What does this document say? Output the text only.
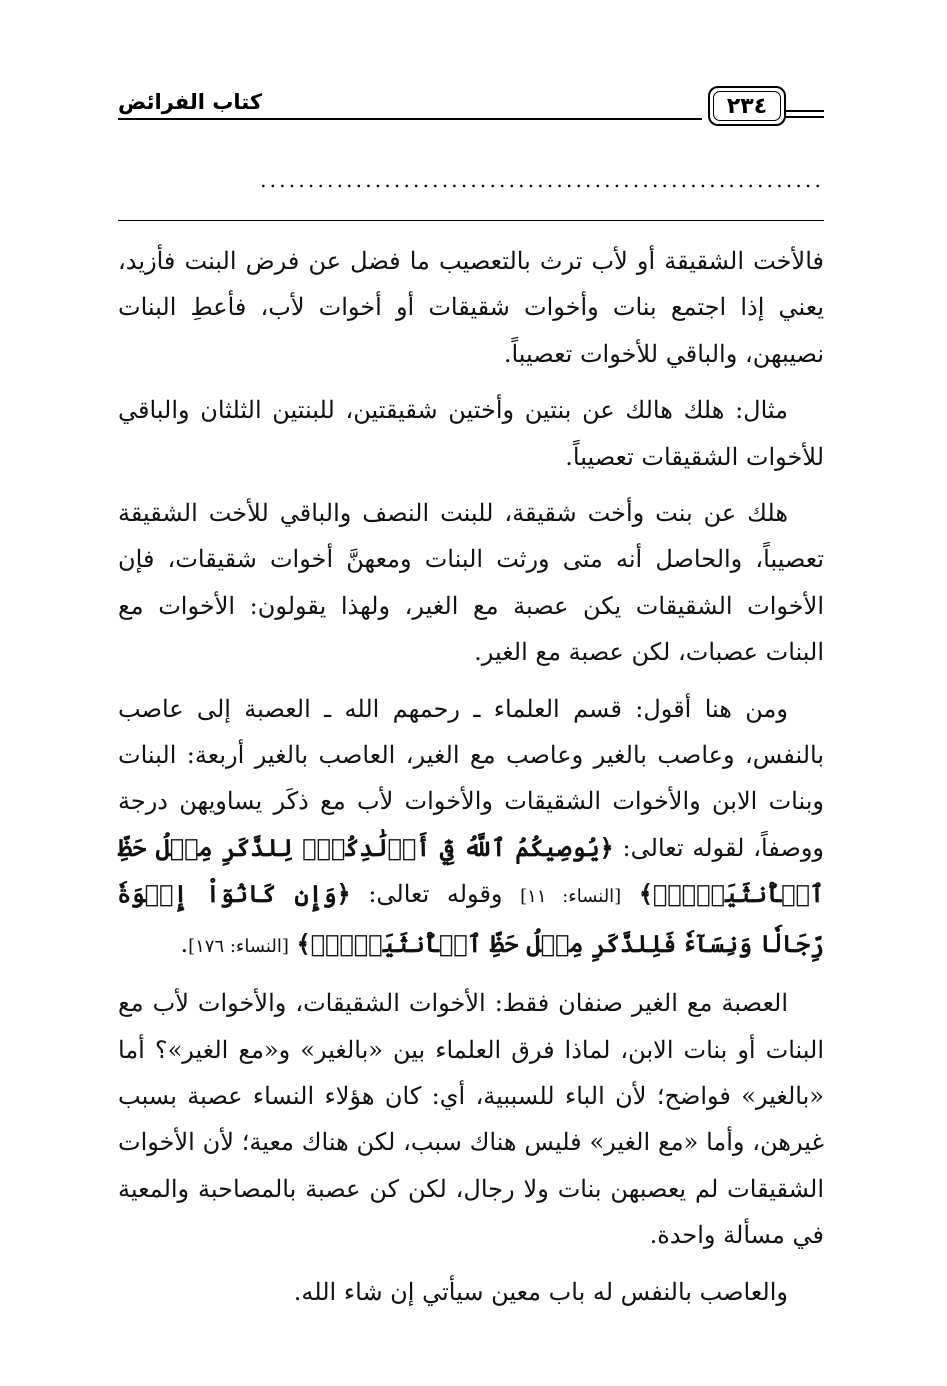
كتاب الفرائض	٢٣٤
...........................................................

فالأخت الشقيقة أو لأب ترث بالتعصيب ما فضل عن فرض البنت فأزيد، يعني إذا اجتمع بنات وأخوات شقيقات أو أخوات لأب، فأعطِ البنات نصيبهن، والباقي للأخوات تعصيباً.

مثال: هلك هالك عن بنتين وأختين شقيقتين، للبنتين الثلثان والباقي للأخوات الشقيقات تعصيباً.

هلك عن بنت وأخت شقيقة، للبنت النصف والباقي للأخت الشقيقة تعصيباً، والحاصل أنه متى ورثت البنات ومعهنَّ أخوات شقيقات، فإن الأخوات الشقيقات يكن عصبة مع الغير، ولهذا يقولون: الأخوات مع البنات عصبات، لكن عصبة مع الغير.

ومن هنا أقول: قسم العلماء ـ رحمهم الله ـ العصبة إلى عاصب بالنفس، وعاصب بالغير وعاصب مع الغير، العاصب بالغير أربعة: البنات وبنات الابن والأخوات الشقيقات والأخوات لأب مع ذكَر يساويهن درجة ووصفاً، لقوله تعالى: ﴿يُوصِيكُمُ ٱللَّهُ فِيٓ أَوۡلَٰدِكُمۡۖ لِلذَّكَرِ مِثۡلُ حَظِّ ٱلۡأُنثَيَيۡنِۚ﴾ [النساء: ١١] وقوله تعالى: ﴿وَإِن كَانُوٓاْ إِخۡوَةٗ رِّجَالٗا وَنِسَآءٗ فَلِلذَّكَرِ مِثۡلُ حَظِّ ٱلۡأُنثَيَيۡنِۗ﴾ [النساء: ١٧٦].

العصبة مع الغير صنفان فقط: الأخوات الشقيقات، والأخوات لأب مع البنات أو بنات الابن، لماذا فرق العلماء بين «بالغير» و«مع الغير»؟ أما «بالغير» فواضح؛ لأن الباء للسببية، أي: كان هؤلاء النساء عصبة بسبب غيرهن، وأما «مع الغير» فليس هناك سبب، لكن هناك معية؛ لأن الأخوات الشقيقات لم يعصبهن بنات ولا رجال، لكن كن عصبة بالمصاحبة والمعية في مسألة واحدة.

والعاصب بالنفس له باب معين سيأتي إن شاء الله.
